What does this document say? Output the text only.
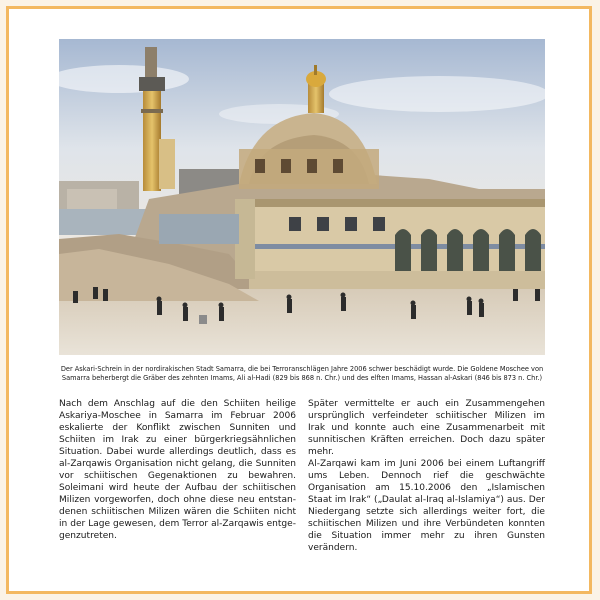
Der Askari-Schrein in der nordirakischen Stadt Samarra, die bei Terroranschlägen Jahre 2006 schwer beschädigt wurde. Die Goldene Moschee von Samarra beherbergt die Gräber des zehnten Imams, Ali al-Hadi (829 bis 868 n. Chr.) und des elften Imams, Hassan al-Askari (846 bis 873 n. Chr.)

Nach dem Anschlag auf die den Schiiten heilige Askariya-Moschee in Samarra im Februar 2006 eskalierte der Konflikt zwischen Sunniten und Schiiten im Irak zu einer bürgerkriegsähnlichen Situation. Dabei wurde allerdings deutlich, dass es al-Zarqawis Organisation nicht gelang, die Sunniten vor schiitischen Gegenaktionen zu bewahren. Soleimani wird heute der Aufbau der schiitischen Milizen vorgeworfen, doch ohne diese neu entstandenen schiitischen Milizen wären die Schiiten nicht in der Lage gewesen, dem Terror al-Zarqawis entgegenzutreten.

Später vermittelte er auch ein Zusammengehen ursprünglich verfeindeter schiitischer Milizen im Irak und konnte auch eine Zusammenarbeit mit sunnitischen Kräften erreichen. Doch dazu später mehr.

Al-Zarqawi kam im Juni 2006 bei einem Luftangriff ums Leben. Dennoch rief die geschwächte Organisation am 15.10.2006 den „Islamischen Staat im Irak“ („Daulat al-Iraq al-Islamiya“) aus. Der Niedergang setzte sich allerdings weiter fort, die schiitischen Milizen und ihre Verbündeten konnten die Situation immer mehr zu ihren Gunsten verändern.
